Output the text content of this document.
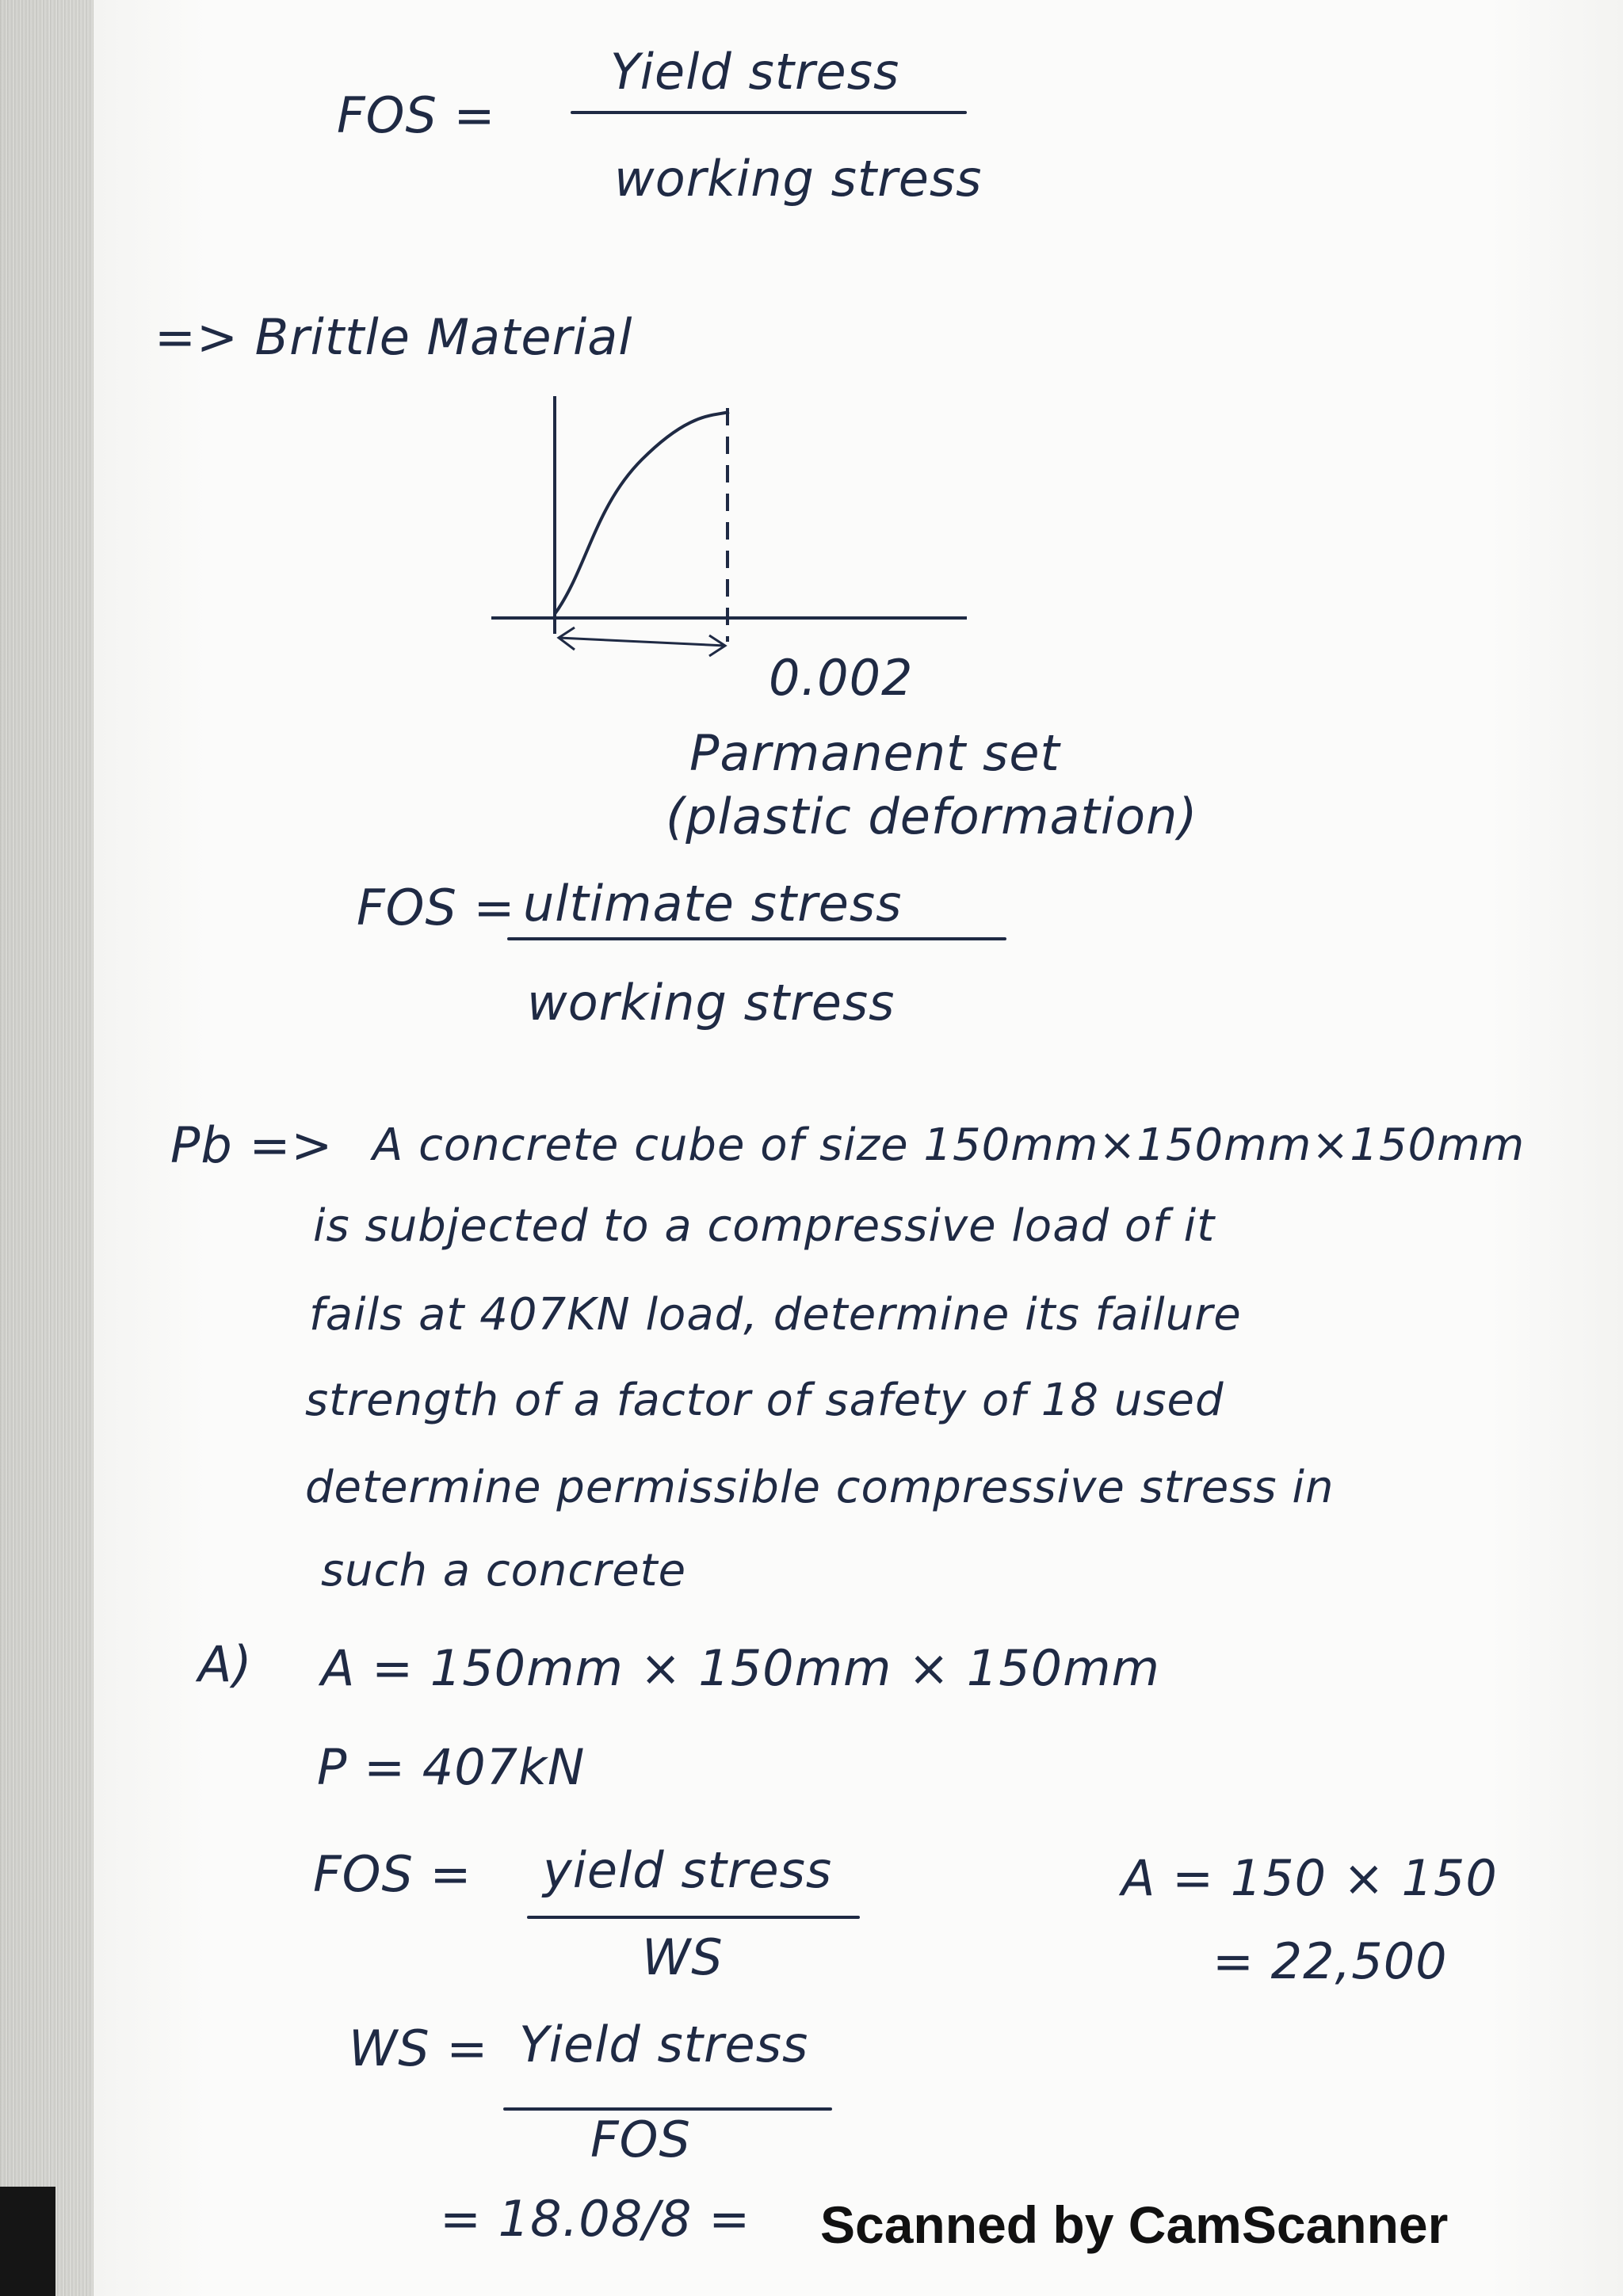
FOS =
Yield stress
working stress
=> Brittle Material
0.002
Parmanent set
(plastic deformation)
FOS = ultimate stress
working stress
Pb => A concrete cube of size 150mm×150mm×150mm
is subjected to a compressive load of it
fails at 407KN load, determine its failure
strength of a factor of safety of 18 used
determine permissible compressive stress in
such a concrete
A) A = 150mm × 150mm × 150mm
P = 407kN
FOS = yield stress
WS
A = 150 × 150
= 22,500
WS = Yield stress
FOS
= 18.08/8 = Scanned by CamScanner
